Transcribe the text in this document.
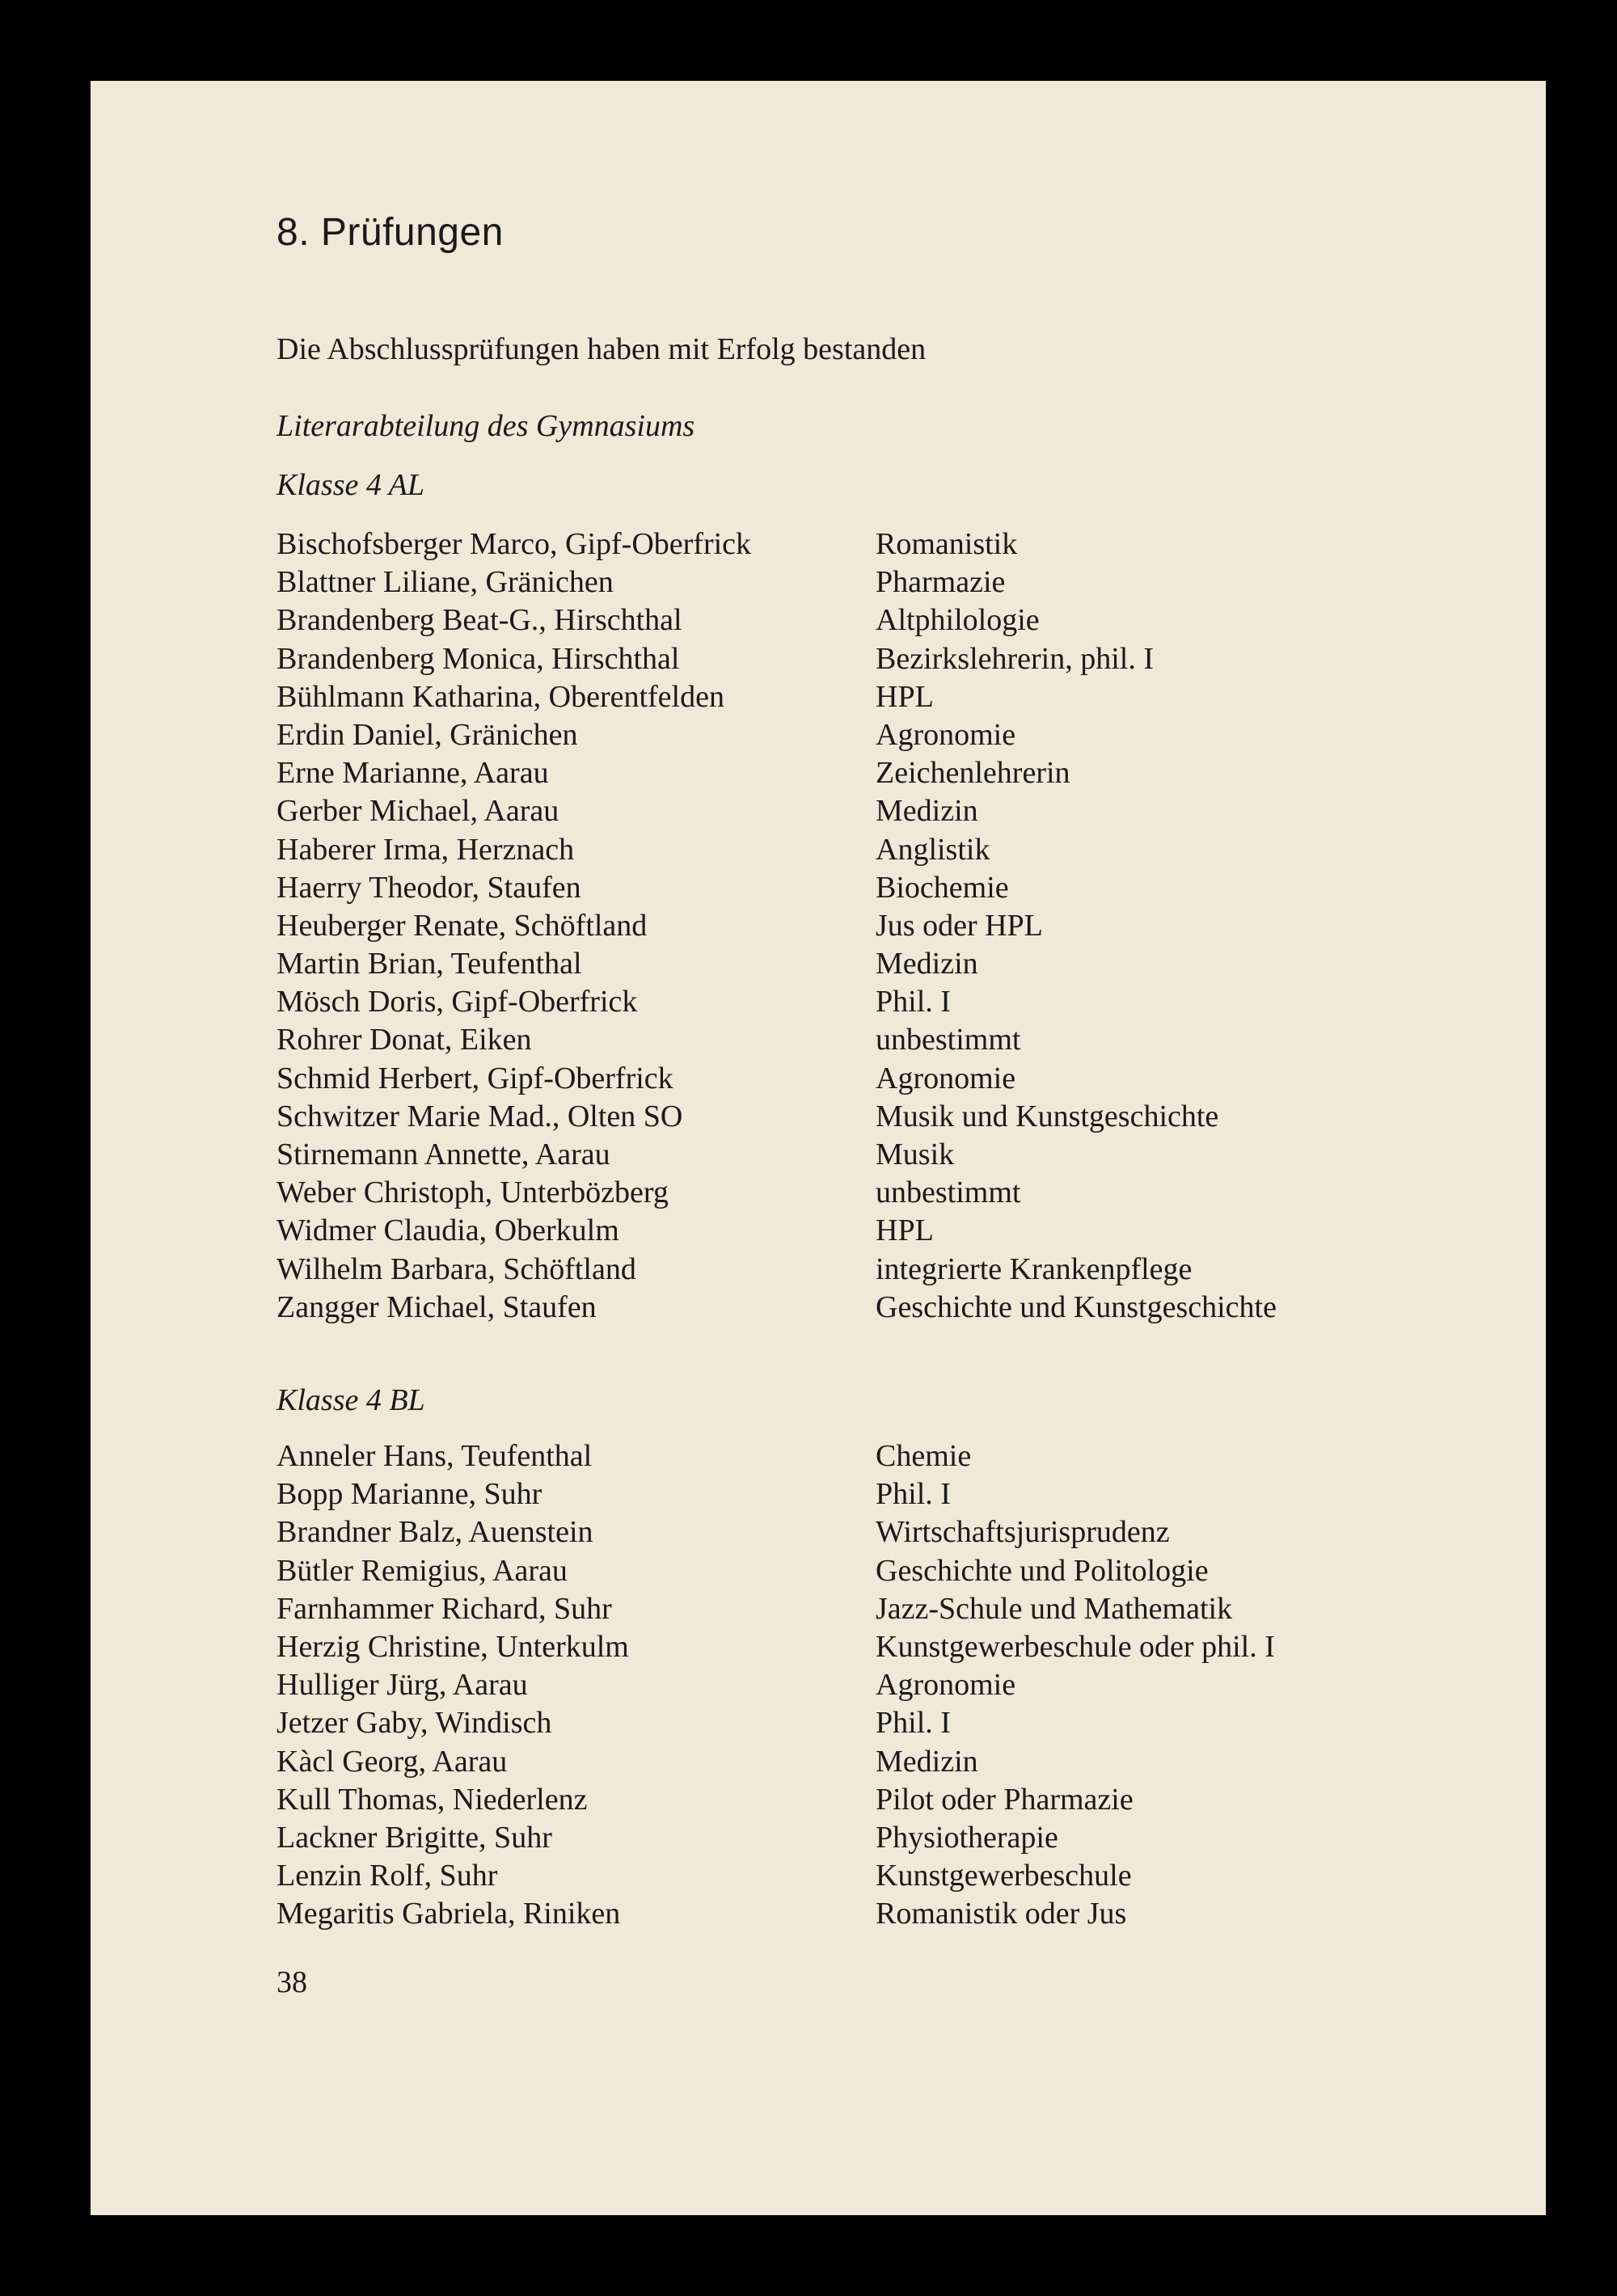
8. Prüfungen
Die Abschlussprüfungen haben mit Erfolg bestanden
Literarabteilung des Gymnasiums
Klasse 4 AL
Bischofsberger Marco, Gipf-Oberfrick	Romanistik
Blattner Liliane, Gränichen	Pharmazie
Brandenberg Beat-G., Hirschthal	Altphilologie
Brandenberg Monica, Hirschthal	Bezirkslehrerin, phil. I
Bühlmann Katharina, Oberentfelden	HPL
Erdin Daniel, Gränichen	Agronomie
Erne Marianne, Aarau	Zeichenlehrerin
Gerber Michael, Aarau	Medizin
Haberer Irma, Herznach	Anglistik
Haerry Theodor, Staufen	Biochemie
Heuberger Renate, Schöftland	Jus oder HPL
Martin Brian, Teufenthal	Medizin
Mösch Doris, Gipf-Oberfrick	Phil. I
Rohrer Donat, Eiken	unbestimmt
Schmid Herbert, Gipf-Oberfrick	Agronomie
Schwitzer Marie Mad., Olten SO	Musik und Kunstgeschichte
Stirnemann Annette, Aarau	Musik
Weber Christoph, Unterbözberg	unbestimmt
Widmer Claudia, Oberkulm	HPL
Wilhelm Barbara, Schöftland	integrierte Krankenpflege
Zangger Michael, Staufen	Geschichte und Kunstgeschichte
Klasse 4 BL
Anneler Hans, Teufenthal	Chemie
Bopp Marianne, Suhr	Phil. I
Brandner Balz, Auenstein	Wirtschaftsjurisprudenz
Bütler Remigius, Aarau	Geschichte und Politologie
Farnhammer Richard, Suhr	Jazz-Schule und Mathematik
Herzig Christine, Unterkulm	Kunstgewerbeschule oder phil. I
Hulliger Jürg, Aarau	Agronomie
Jetzer Gaby, Windisch	Phil. I
Kàcl Georg, Aarau	Medizin
Kull Thomas, Niederlenz	Pilot oder Pharmazie
Lackner Brigitte, Suhr	Physiotherapie
Lenzin Rolf, Suhr	Kunstgewerbeschule
Megaritis Gabriela, Riniken	Romanistik oder Jus
38
